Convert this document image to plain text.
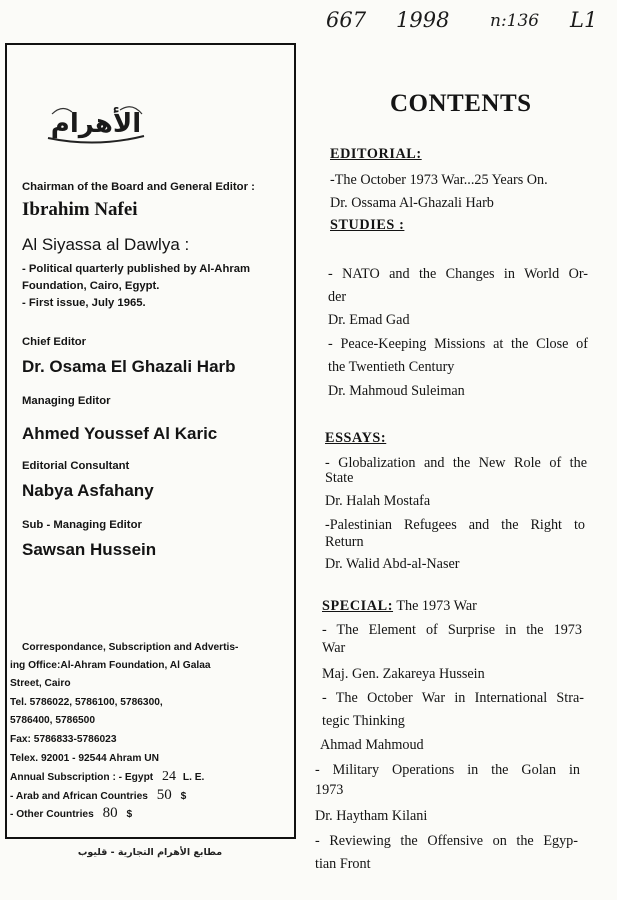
667 1998 n:136 L1
الأهرام
Chairman of the Board and General Editor :
Ibrahim Nafei
Al Siyassa al Dawlya :
- Political quarterly published by Al-Ahram
Foundation, Cairo, Egypt.
- First issue, July 1965.
Chief Editor
Dr. Osama El Ghazali Harb
Managing Editor
Ahmed Youssef Al Karic
Editorial Consultant
Nabya Asfahany
Sub - Managing Editor
Sawsan Hussein
Correspondance, Subscription and Advertis-
ing Office:Al-Ahram Foundation, Al Galaa
Street, Cairo
Tel. 5786022, 5786100, 5786300,
5786400, 5786500
Fax: 5786833-5786023
Telex. 92001 - 92544 Ahram UN
Annual Subscription : - Egypt 24 L. E.
- Arab and African Countries 50 $
- Other Countries 80 $
مطابع الأهرام التجارية - قليوب
CONTENTS
EDITORIAL:
-The October 1973 War...25 Years On.
Dr. Ossama Al-Ghazali Harb
STUDIES :
- NATO and the Changes in World Or-
der
Dr. Emad Gad
- Peace-Keeping Missions at the Close of
the Twentieth Century
Dr. Mahmoud Suleiman
ESSAYS:
- Globalization and the New Role of the
State
Dr. Halah Mostafa
-Palestinian Refugees and the Right to
Return
Dr. Walid Abd-al-Naser
SPECIAL: The 1973 War
- The Element of Surprise in the 1973
War
Maj. Gen. Zakareya Hussein
- The October War in International Stra-
tegic Thinking
Ahmad Mahmoud
- Military Operations in the Golan in
1973
Dr. Haytham Kilani
- Reviewing the Offensive on the Egyp-
tian Front
